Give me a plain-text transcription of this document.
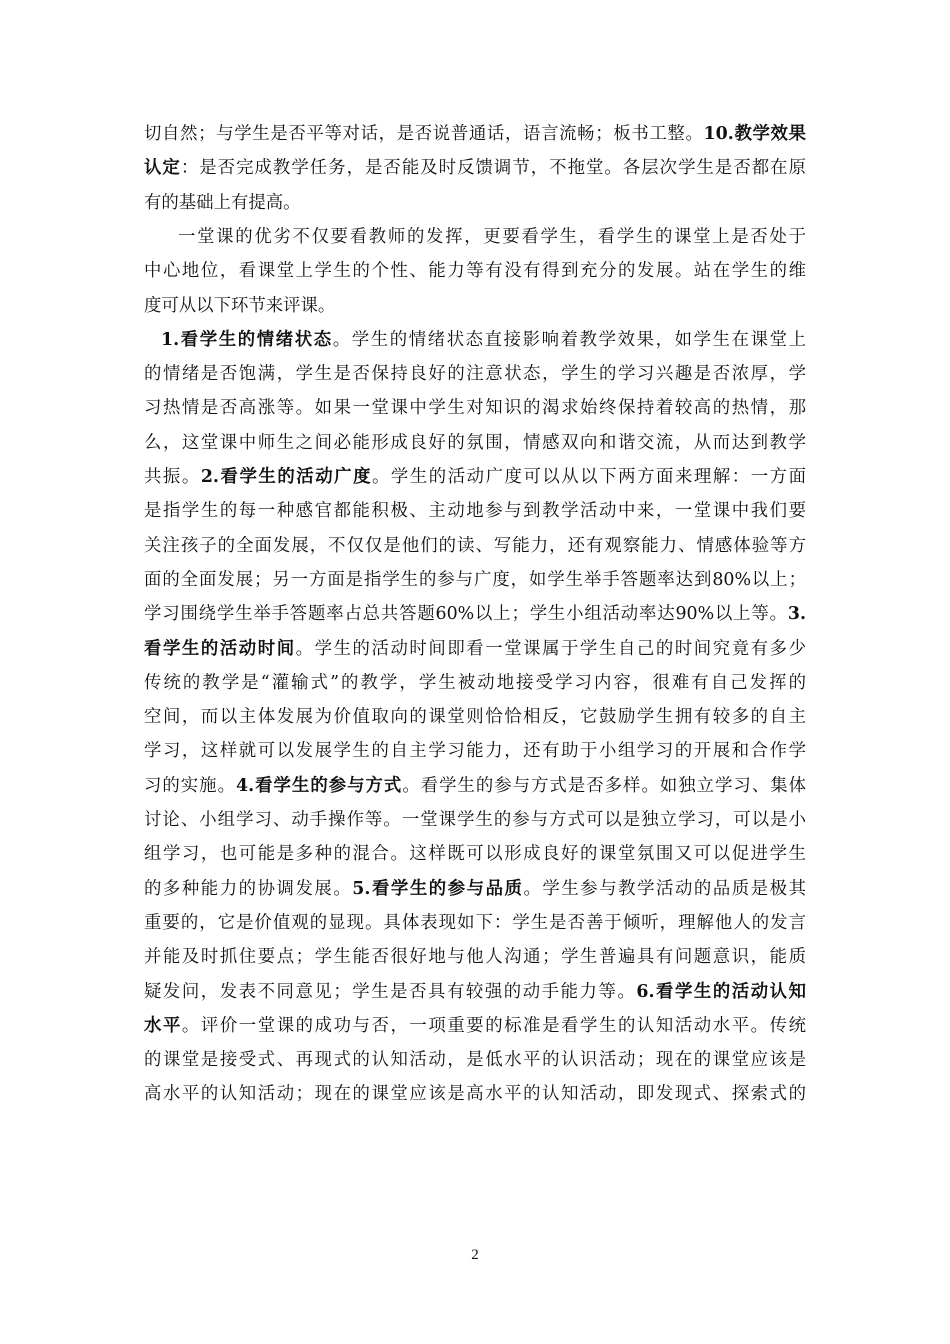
切自然；与学生是否平等对话，是否说普通话，语言流畅；板书工整。10.教学效果
认定：是否完成教学任务，是否能及时反馈调节，不拖堂。各层次学生是否都在原
有的基础上有提高。
一堂课的优劣不仅要看教师的发挥，更要看学生，看学生的课堂上是否处于
中心地位，看课堂上学生的个性、能力等有没有得到充分的发展。站在学生的维
度可从以下环节来评课。
1.看学生的情绪状态。学生的情绪状态直接影响着教学效果，如学生在课堂上
的情绪是否饱满，学生是否保持良好的注意状态，学生的学习兴趣是否浓厚，学
习热情是否高涨等。如果一堂课中学生对知识的渴求始终保持着较高的热情，那
么，这堂课中师生之间必能形成良好的氛围，情感双向和谐交流，从而达到教学
共振。2.看学生的活动广度。学生的活动广度可以从以下两方面来理解：一方面
是指学生的每一种感官都能积极、主动地参与到教学活动中来，一堂课中我们要
关注孩子的全面发展，不仅仅是他们的读、写能力，还有观察能力、情感体验等方
面的全面发展；另一方面是指学生的参与广度，如学生举手答题率达到80%以上；
学习围绕学生举手答题率占总共答题60%以上；学生小组活动率达90%以上等。3.
看学生的活动时间。学生的活动时间即看一堂课属于学生自己的时间究竟有多少
传统的教学是“灌输式”的教学，学生被动地接受学习内容，很难有自己发挥的
空间，而以主体发展为价值取向的课堂则恰恰相反，它鼓励学生拥有较多的自主
学习，这样就可以发展学生的自主学习能力，还有助于小组学习的开展和合作学
习的实施。4.看学生的参与方式。看学生的参与方式是否多样。如独立学习、集体
讨论、小组学习、动手操作等。一堂课学生的参与方式可以是独立学习，可以是小
组学习，也可能是多种的混合。这样既可以形成良好的课堂氛围又可以促进学生
的多种能力的协调发展。5.看学生的参与品质。学生参与教学活动的品质是极其
重要的，它是价值观的显现。具体表现如下：学生是否善于倾听，理解他人的发言
并能及时抓住要点；学生能否很好地与他人沟通；学生普遍具有问题意识，能质
疑发问，发表不同意见；学生是否具有较强的动手能力等。6.看学生的活动认知
水平。评价一堂课的成功与否，一项重要的标准是看学生的认知活动水平。传统
的课堂是接受式、再现式的认知活动，是低水平的认识活动；现在的课堂应该是
高水平的认知活动；现在的课堂应该是高水平的认知活动，即发现式、探索式的
2
